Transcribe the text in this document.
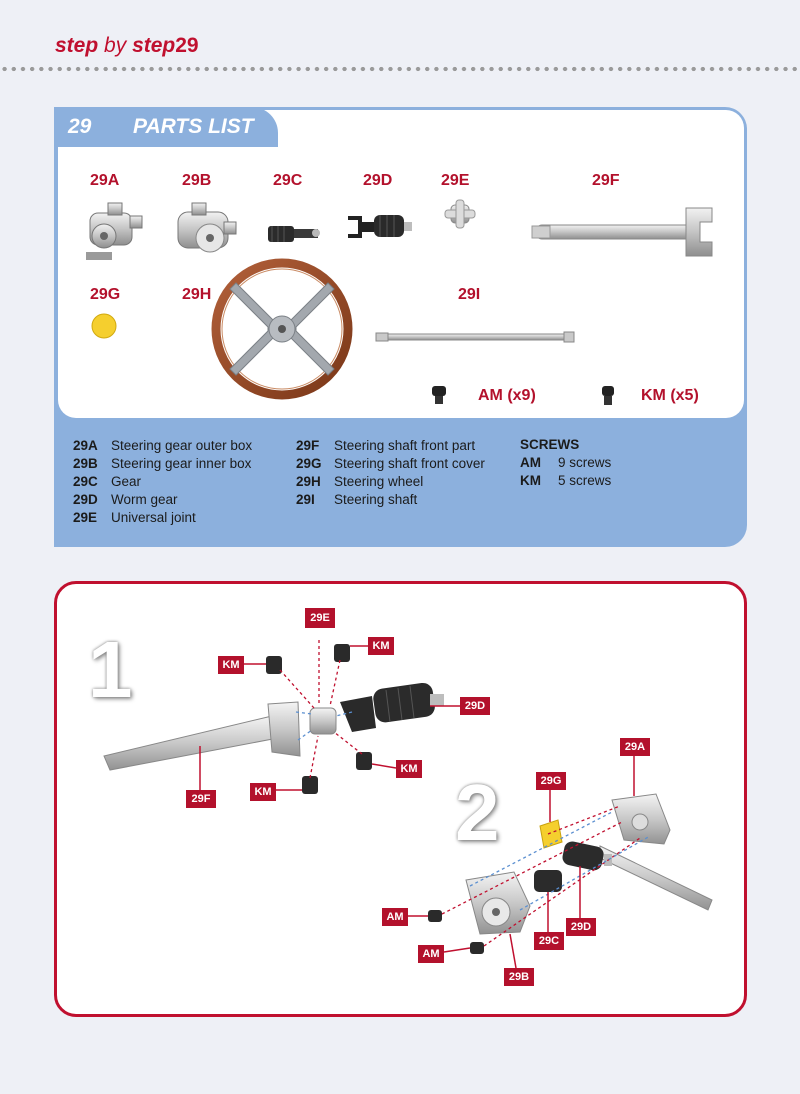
step by step29
29 PARTS LIST
29A	29B	29C	29D	29E	29F
29G	29H	29I
AM (x9)	KM (x5)
29A Steering gear outer box
29B Steering gear inner box
29C Gear
29D Worm gear
29E Universal joint
29F Steering shaft front part
29G Steering shaft front cover
29H Steering wheel
29I Steering shaft
SCREWS
AM 9 screws
KM 5 screws
1
2
29E
KM
KM
29D
KM
29F
KM
29A
29G
AM
AM
29C
29D
29B
